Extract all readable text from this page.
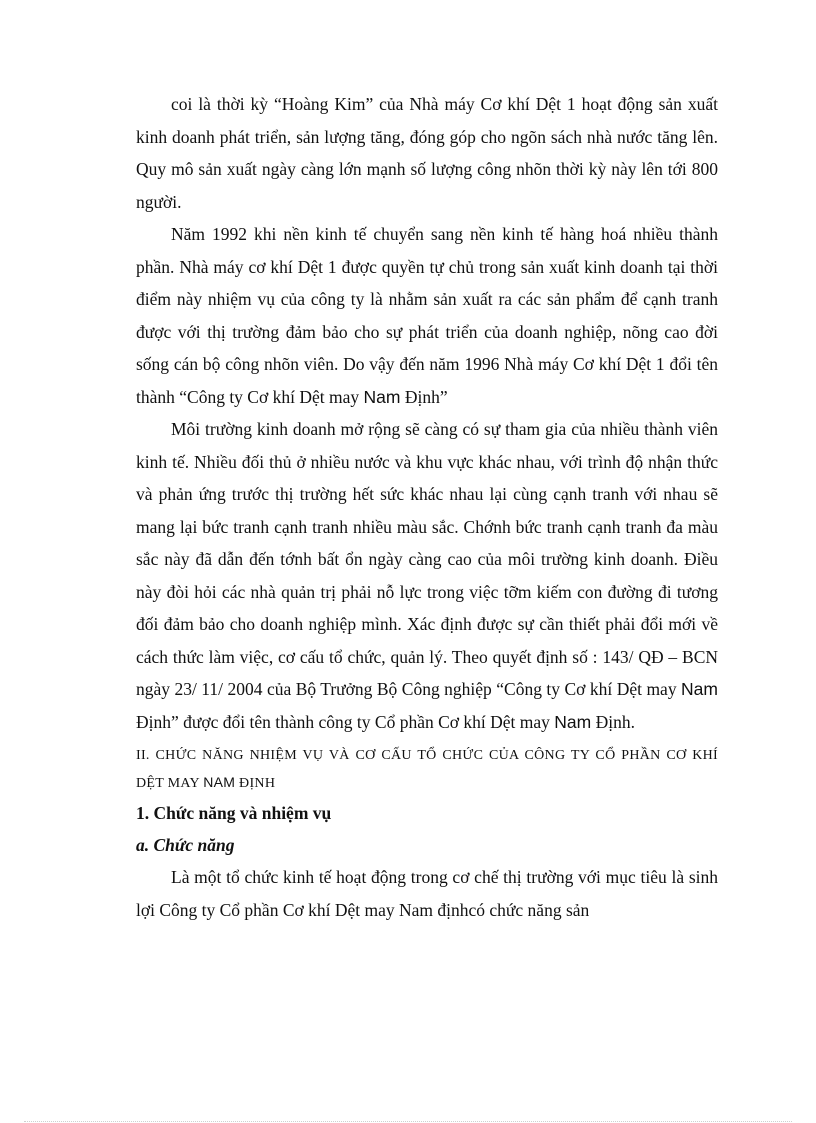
coi là thời kỳ “Hoàng Kim” của Nhà máy Cơ khí Dệt 1 hoạt động sản xuất kinh doanh phát triển, sản lượng tăng, đóng góp cho ngõn sách nhà nước tăng lên. Quy mô sản xuất ngày càng lớn mạnh số lượng công nhõn thời kỳ này lên tới 800 người.

Năm 1992 khi nền kinh tế chuyển sang nền kinh tế hàng hoá nhiều thành phần. Nhà máy cơ khí Dệt 1 được quyền tự chủ trong sản xuất kinh doanh tại thời điểm này nhiệm vụ của công ty là nhằm sản xuất ra các sản phẩm để cạnh tranh được với thị trường đảm bảo cho sự phát triển của doanh nghiệp, nõng cao đời sống cán bộ công nhõn viên. Do vậy đến năm 1996 Nhà máy Cơ khí Dệt 1 đổi tên thành “Công ty Cơ khí Dệt may Nam Định”

Môi trường kinh doanh mở rộng sẽ càng có sự tham gia của nhiều thành viên kinh tế. Nhiều đối thủ ở nhiều nước và khu vực khác nhau, với trình độ nhận thức và phản ứng trước thị trường hết sức khác nhau lại cùng cạnh tranh với nhau sẽ mang lại bức tranh cạnh tranh nhiều màu sắc. Chớnh bức tranh cạnh tranh đa màu sắc này đã dẫn đến tớnh bất ổn ngày càng cao của môi trường kinh doanh. Điều này đòi hỏi các nhà quản trị phải nỗ lực trong việc tỡm kiếm con đường đi tương đối đảm bảo cho doanh nghiệp mình. Xác định được sự cần thiết phải đổi mới về cách thức làm việc, cơ cấu tổ chức, quản lý. Theo quyết định số : 143/ QĐ – BCN ngày 23/ 11/ 2004 của Bộ Trưởng Bộ Công nghiệp “Công ty Cơ khí Dệt may Nam Định” được đổi tên thành công ty Cổ phần Cơ khí Dệt may Nam Định.

II. CHỨC NĂNG NHIỆM VỤ VÀ CƠ CẤU TỔ CHỨC CỦA CÔNG TY CỔ PHẦN CƠ KHÍ DỆT MAY NAM ĐỊNH

1. Chức năng và nhiệm vụ

a. Chức năng

Là một tổ chức kinh tế hoạt động trong cơ chế thị trường với mục tiêu là sinh lợi Công ty Cổ phần Cơ khí Dệt may Nam địnhcó chức năng sản
